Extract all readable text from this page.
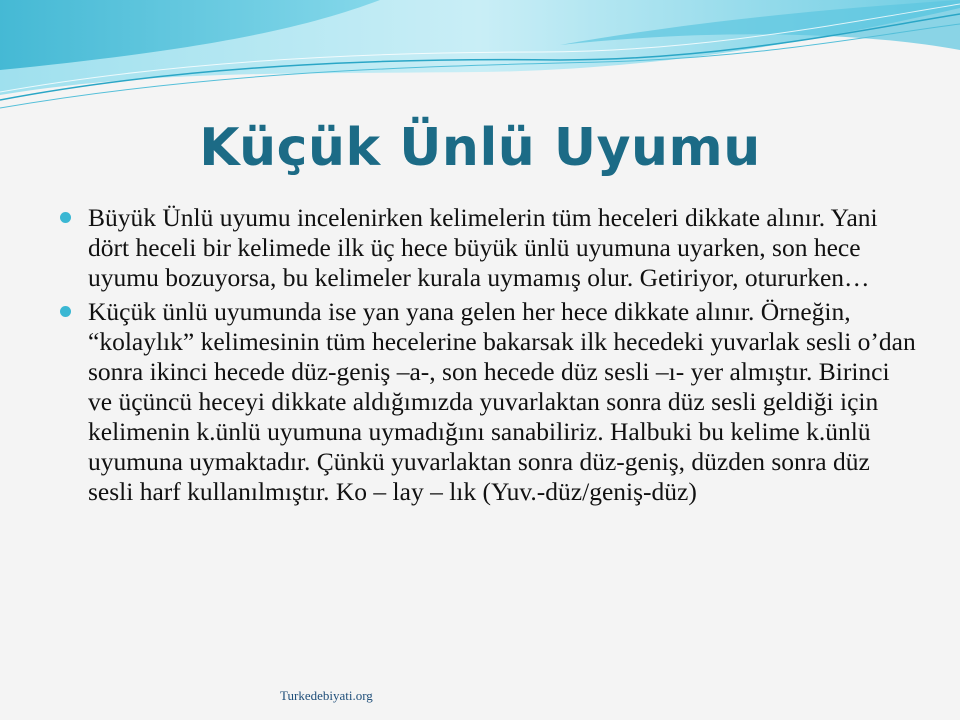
Küçük Ünlü Uyumu
Büyük Ünlü uyumu incelenirken kelimelerin tüm heceleri dikkate alınır. Yani dört heceli bir kelimede ilk üç hece büyük ünlü uyumuna uyarken, son hece uyumu bozuyorsa, bu kelimeler kurala uymamış olur. Getiriyor, otururken…
Küçük ünlü uyumunda ise yan yana gelen her hece dikkate alınır. Örneğin, “kolaylık” kelimesinin tüm hecelerine bakarsak ilk hecedeki yuvarlak sesli o’dan sonra ikinci hecede düz-geniş –a-, son hecede düz sesli –ı- yer almıştır. Birinci ve üçüncü heceyi dikkate aldığımızda yuvarlaktan sonra düz sesli geldiği için kelimenin k.ünlü uyumuna uymadığını sanabiliriz. Halbuki bu kelime k.ünlü uyumuna uymaktadır. Çünkü yuvarlaktan sonra düz-geniş, düzden sonra düz sesli harf kullanılmıştır. Ko – lay – lık (Yuv.-düz/geniş-düz)
Turkedebiyati.org
